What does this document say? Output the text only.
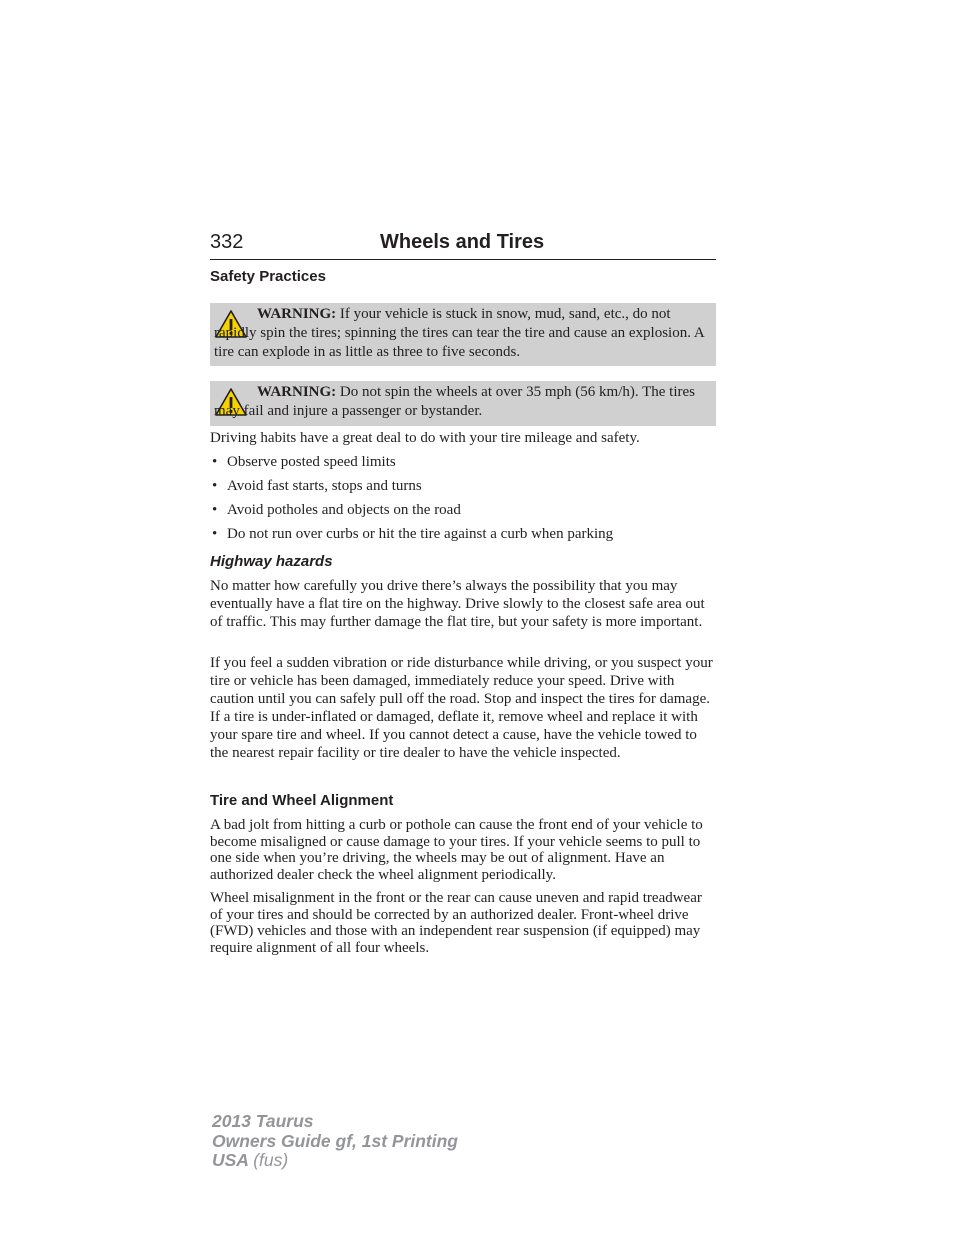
332	Wheels and Tires
Safety Practices
WARNING: If your vehicle is stuck in snow, mud, sand, etc., do not rapidly spin the tires; spinning the tires can tear the tire and cause an explosion. A tire can explode in as little as three to five seconds.
WARNING: Do not spin the wheels at over 35 mph (56 km/h). The tires may fail and injure a passenger or bystander.
Driving habits have a great deal to do with your tire mileage and safety.
• Observe posted speed limits
• Avoid fast starts, stops and turns
• Avoid potholes and objects on the road
• Do not run over curbs or hit the tire against a curb when parking
Highway hazards
No matter how carefully you drive there’s always the possibility that you may eventually have a flat tire on the highway. Drive slowly to the closest safe area out of traffic. This may further damage the flat tire, but your safety is more important.
If you feel a sudden vibration or ride disturbance while driving, or you suspect your tire or vehicle has been damaged, immediately reduce your speed. Drive with caution until you can safely pull off the road. Stop and inspect the tires for damage. If a tire is under-inflated or damaged, deflate it, remove wheel and replace it with your spare tire and wheel. If you cannot detect a cause, have the vehicle towed to the nearest repair facility or tire dealer to have the vehicle inspected.
Tire and Wheel Alignment
A bad jolt from hitting a curb or pothole can cause the front end of your vehicle to become misaligned or cause damage to your tires. If your vehicle seems to pull to one side when you’re driving, the wheels may be out of alignment. Have an authorized dealer check the wheel alignment periodically.
Wheel misalignment in the front or the rear can cause uneven and rapid treadwear of your tires and should be corrected by an authorized dealer. Front-wheel drive (FWD) vehicles and those with an independent rear suspension (if equipped) may require alignment of all four wheels.
2013 Taurus
Owners Guide gf, 1st Printing
USA (fus)
